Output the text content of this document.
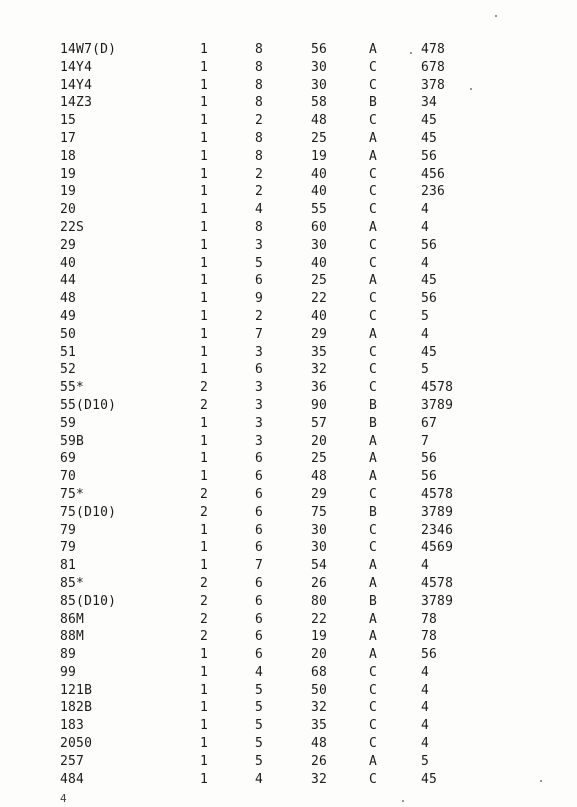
14W7(D)	1	8	56	A	478
14Y4	1	8	30	C	678
14Y4	1	8	30	C	378
14Z3	1	8	58	B	34
15	1	2	48	C	45
17	1	8	25	A	45
18	1	8	19	A	56
19	1	2	40	C	456
19	1	2	40	C	236
20	1	4	55	C	4
22S	1	8	60	A	4
29	1	3	30	C	56
40	1	5	40	C	4
44	1	6	25	A	45
48	1	9	22	C	56
49	1	2	40	C	5
50	1	7	29	A	4
51	1	3	35	C	45
52	1	6	32	C	5
55*	2	3	36	C	4578
55(D10)	2	3	90	B	3789
59	1	3	57	B	67
59B	1	3	20	A	7
69	1	6	25	A	56
70	1	6	48	A	56
75*	2	6	29	C	4578
75(D10)	2	6	75	B	3789
79	1	6	30	C	2346
79	1	6	30	C	4569
81	1	7	54	A	4
85*	2	6	26	A	4578
85(D10)	2	6	80	B	3789
86M	2	6	22	A	78
88M	2	6	19	A	78
89	1	6	20	A	56
99	1	4	68	C	4
121B	1	5	50	C	4
182B	1	5	32	C	4
183	1	5	35	C	4
2050	1	5	48	C	4
257	1	5	26	A	5
484	1	4	32	C	45
4
